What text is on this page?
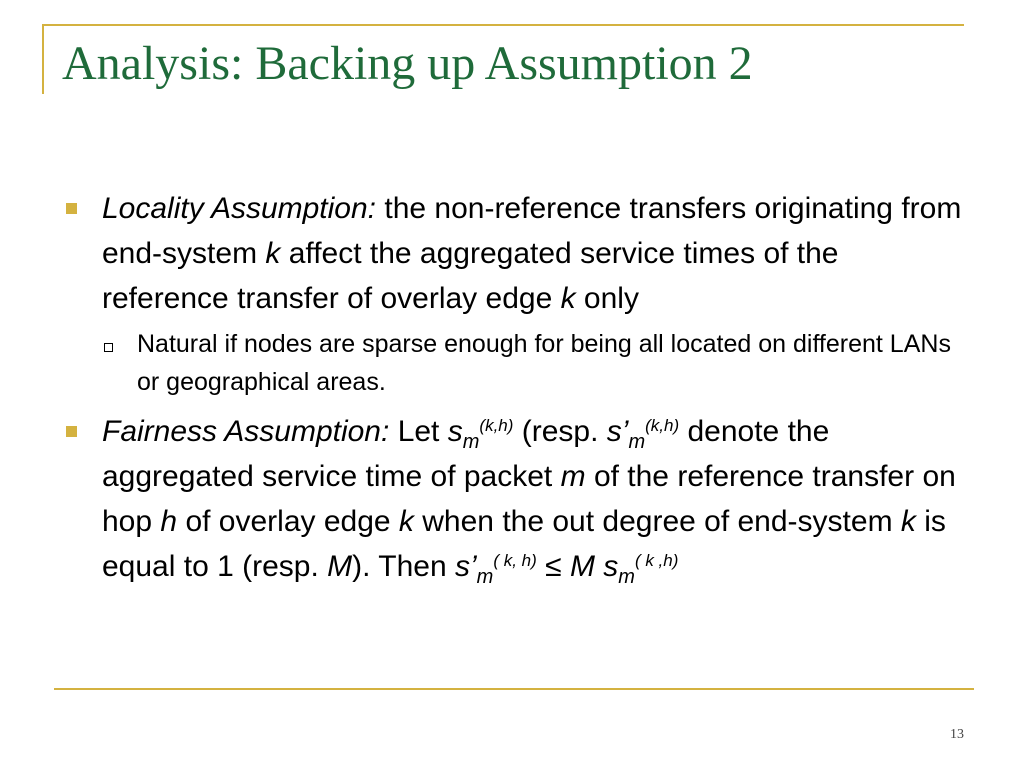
Analysis: Backing up Assumption 2
Locality Assumption: the non-reference transfers originating from end-system k affect the aggregated service times of the reference transfer of overlay edge k only
Natural if nodes are sparse enough for being all located on different LANs or geographical areas.
Fairness Assumption: Let $s_m^{(k,h)}$ (resp. $s’_m^{(k,h)}$ denote the aggregated service time of packet m of the reference transfer on hop h of overlay edge k when the out degree of end-system k is equal to 1 (resp. M). Then $s’_m^{( k, h)} \le M$ $s_m^{( k ,h)}$
13
